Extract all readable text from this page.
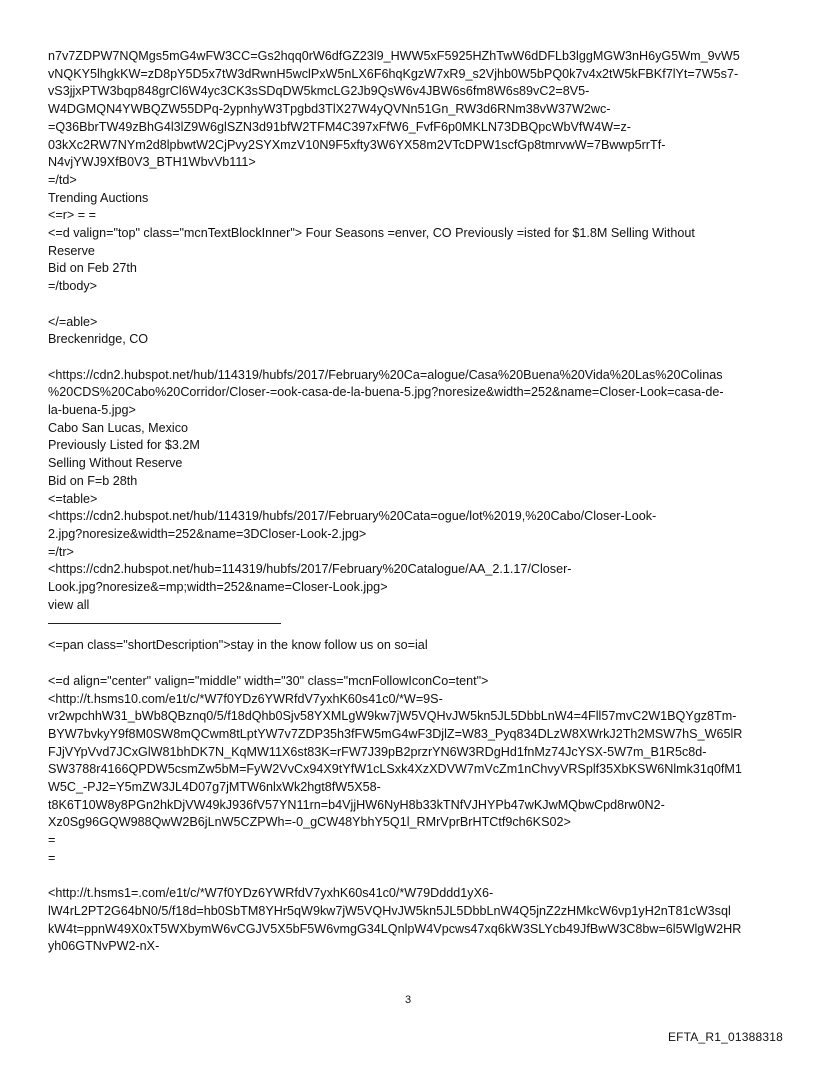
n7v7ZDPW7NQMgs5mG4wFW3CC=Gs2hqq0rW6dfGZ23l9_HWW5xF5925HZhTwW6dDFLb3lggMGW3nH6yG5Wm_9vW5
vNQKY5lhgkKW=zD8pY5D5x7tW3dRwnH5wclPxW5nLX6F6hqKgzW7xR9_s2Vjhb0W5bPQ0k7v4x2tW5kFBKf7lYt=7W5s7-
vS3jjxPTW3bqp848grCl6W4yc3CK3sSDqDW5kmcLG2Jb9QsW6v4JBW6s6fm8W6s89vC2=8V5-
W4DGMQN4YWBQZW55DPq-2ypnhyW3Tpgbd3TlX27W4yQVNn51Gn_RW3d6RNm38vW37W2wc-
=Q36BbrTW49zBhG4l3lZ9W6glSZN3d91bfW2TFM4C397xFfW6_FvfF6p0MKLN73DBQpcWbVfW4W=z-
03kXc2RW7NYm2d8lpbwtW2CjPvy2SYXmzV10N9F5xfty3W6YX58m2VTcDPW1scfGp8tmrvwW=7Bwwp5rrTf-
N4vjYWJ9XfB0V3_BTH1WbvVb111>
=/td>
Trending Auctions
<=r> = =
<=d valign="top" class="mcnTextBlockInner"> Four Seasons =enver, CO Previously =isted for $1.8M Selling Without
Reserve
Bid on Feb 27th
=/tbody>
</=able>
Breckenridge, CO
<https://cdn2.hubspot.net/hub/114319/hubfs/2017/February%20Ca=alogue/Casa%20Buena%20Vida%20Las%20Colinas
%20CDS%20Cabo%20Corridor/Closer-=ook-casa-de-la-buena-5.jpg?noresize&width=252&name=Closer-Look=casa-de-
la-buena-5.jpg>
Cabo San Lucas, Mexico
Previously Listed for $3.2M
Selling Without Reserve
Bid on F=b 28th
<=table>
<https://cdn2.hubspot.net/hub/114319/hubfs/2017/February%20Cata=ogue/lot%2019,%20Cabo/Closer-Look-
2.jpg?noresize&width=252&name=3DCloser-Look-2.jpg>
=/tr>
<https://cdn2.hubspot.net/hub=114319/hubfs/2017/February%20Catalogue/AA_2.1.17/Closer-
Look.jpg?noresize&=mp;width=252&name=Closer-Look.jpg>
view all
<=pan class="shortDescription">stay in the know follow us on so=ial
<=d align="center" valign="middle" width="30" class="mcnFollowIconCo=tent">
<http://t.hsms10.com/e1t/c/*W7f0YDz6YWRfdV7yxhK60s41c0/*W=9S-
vr2wpchhW31_bWb8QBznq0/5/f18dQhb0Sjv58YXMLgW9kw7jW5VQHvJW5kn5JL5DbbLnW4=4Fll57mvC2W1BQYgz8Tm-
BYW7bvkyY9f8M0SW8mQCwm8tLptYW7v7ZDP35h3fFW5mG4wF3DjlZ=W83_Pyq834DLzW8XWrkJ2Th2MSW7hS_W65lR
FJjVYpVvd7JCxGlW81bhDK7N_KqMW11X6st83K=rFW7J39pB2przrYN6W3RDgHd1fnMz74JcYSX-5W7m_B1R5c8d-
SW3788r4166QPDW5csmZw5bM=FyW2VvCx94X9tYfW1cLSxk4XzXDVW7mVcZm1nChvyVRSplf35XbKSW6Nlmk31q0fM1
W5C_-PJ2=Y5mZW3JL4D07g7jMTW6nlxWk2hgt8fW5X58-
t8K6T10W8y8PGn2hkDjVW49kJ936fV57YN11rn=b4VjjHW6NyH8b33kTNfVJHYPb47wKJwMQbwCpd8rw0N2-
Xz0Sg96GQW988QwW2B6jLnW5CZPWh=-0_gCW48YbhY5Q1l_RMrVprBrHTCtf9ch6KS02>
=
=
<http://t.hsms1=.com/e1t/c/*W7f0YDz6YWRfdV7yxhK60s41c0/*W79Dddd1yX6-
lW4rL2PT2G64bN0/5/f18d=hb0SbTM8YHr5qW9kw7jW5VQHvJW5kn5JL5DbbLnW4Q5jnZ2zHMkcW6vp1yH2nT81cW3sql
kW4t=ppnW49X0xT5WXbymW6vCGJV5X5bF5W6vmgG34LQnlpW4Vpcws47xq6kW3SLYcb49JfBwW3C8bw=6l5WlgW2HR
yh06GTNvPW2-nX-
3
EFTA_R1_01388318
